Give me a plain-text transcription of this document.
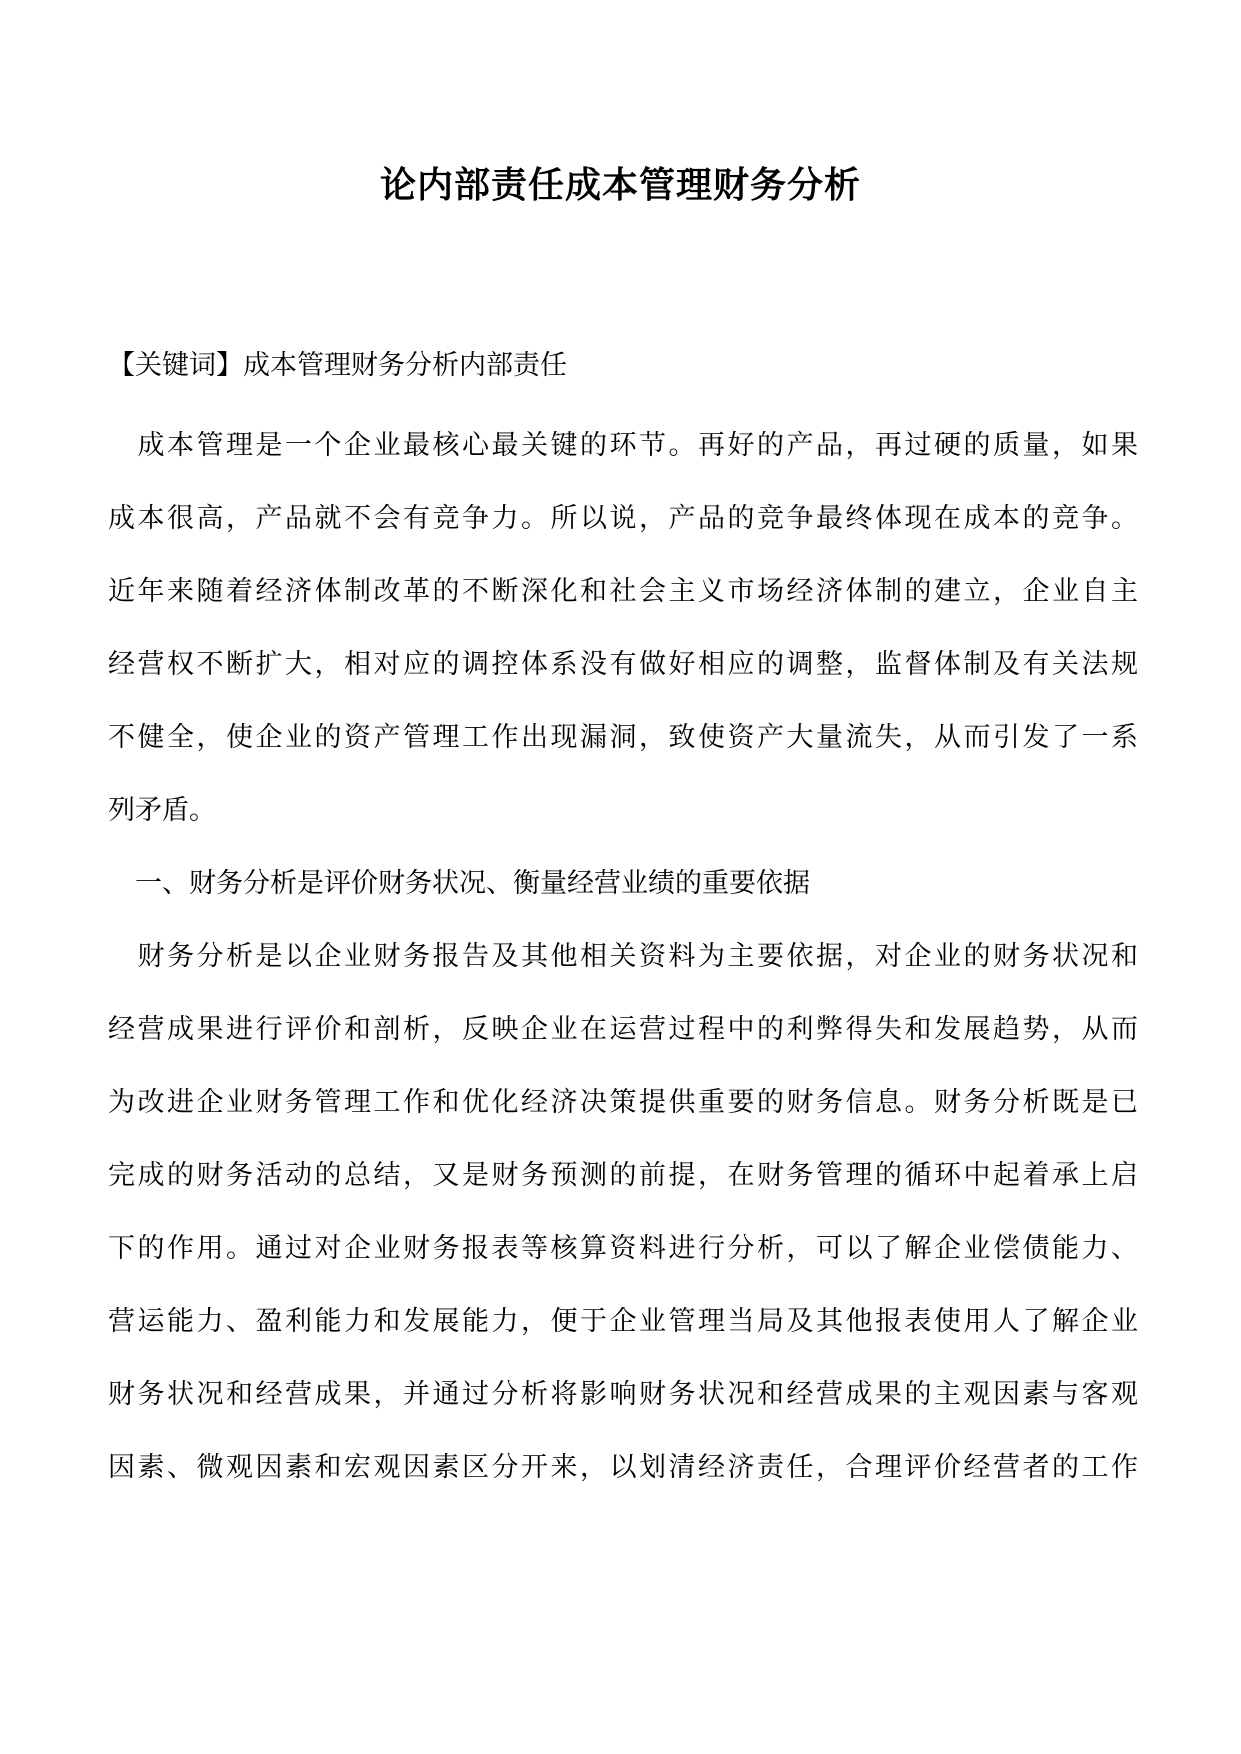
论内部责任成本管理财务分析
【关键词】成本管理财务分析内部责任
　成本管理是一个企业最核心最关键的环节。再好的产品，再过硬的质量，如果
成本很高，产品就不会有竞争力。所以说，产品的竞争最终体现在成本的竞争。
近年来随着经济体制改革的不断深化和社会主义市场经济体制的建立，企业自主
经营权不断扩大，相对应的调控体系没有做好相应的调整，监督体制及有关法规
不健全，使企业的资产管理工作出现漏洞，致使资产大量流失，从而引发了一系
列矛盾。
　一、财务分析是评价财务状况、衡量经营业绩的重要依据
　财务分析是以企业财务报告及其他相关资料为主要依据，对企业的财务状况和
经营成果进行评价和剖析，反映企业在运营过程中的利弊得失和发展趋势，从而
为改进企业财务管理工作和优化经济决策提供重要的财务信息。财务分析既是已
完成的财务活动的总结，又是财务预测的前提，在财务管理的循环中起着承上启
下的作用。通过对企业财务报表等核算资料进行分析，可以了解企业偿债能力、
营运能力、盈利能力和发展能力，便于企业管理当局及其他报表使用人了解企业
财务状况和经营成果，并通过分析将影响财务状况和经营成果的主观因素与客观
因素、微观因素和宏观因素区分开来，以划清经济责任，合理评价经营者的工作
